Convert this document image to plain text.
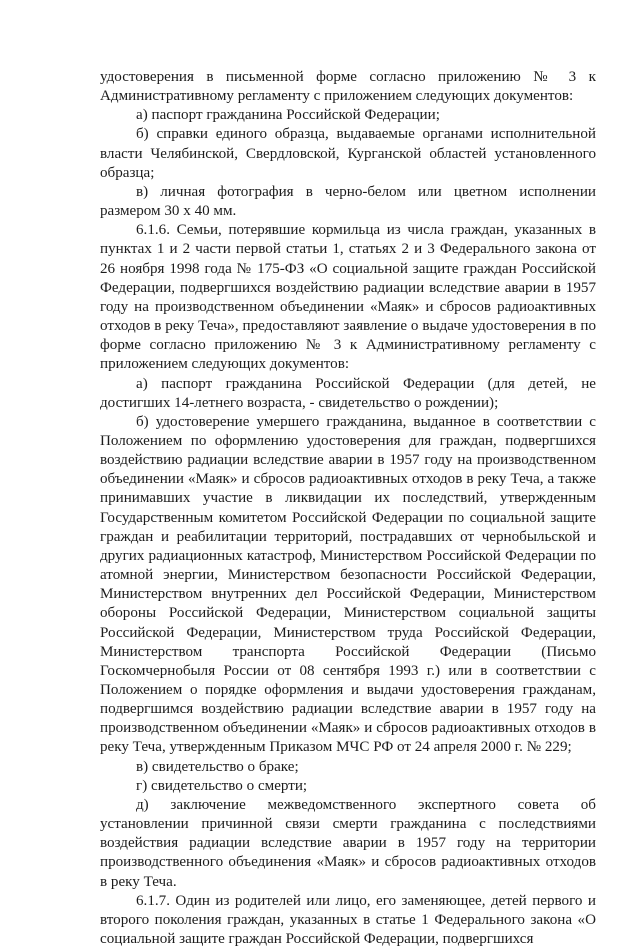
удостоверения в письменной форме согласно приложению № 3 к Административному регламенту с приложением следующих документов:

а) паспорт гражданина Российской Федерации;

б) справки единого образца, выдаваемые органами исполнительной власти Челябинской, Свердловской, Курганской областей установленного образца;

в) личная фотография в черно-белом или цветном исполнении размером 30 х 40 мм.

6.1.6. Семьи, потерявшие кормильца из числа граждан, указанных в пунктах 1 и 2 части первой статьи 1, статьях 2 и 3 Федерального закона от 26 ноября 1998 года № 175-ФЗ «О социальной защите граждан Российской Федерации, подвергшихся воздействию радиации вследствие аварии в 1957 году на производственном объединении «Маяк» и сбросов радиоактивных отходов в реку Теча», предоставляют заявление о выдаче удостоверения в по форме согласно приложению № 3 к Административному регламенту с приложением следующих документов:

а) паспорт гражданина Российской Федерации (для детей, не достигших 14-летнего возраста, - свидетельство о рождении);

б) удостоверение умершего гражданина, выданное в соответствии с Положением по оформлению удостоверения для граждан, подвергшихся воздействию радиации вследствие аварии в 1957 году на производственном объединении «Маяк» и сбросов радиоактивных отходов в реку Теча, а также принимавших участие в ликвидации их последствий, утвержденным Государственным комитетом Российской Федерации по социальной защите граждан и реабилитации территорий, пострадавших от чернобыльской и других радиационных катастроф, Министерством Российской Федерации по атомной энергии, Министерством безопасности Российской Федерации, Министерством внутренних дел Российской Федерации, Министерством обороны Российской Федерации, Министерством социальной защиты Российской Федерации, Министерством труда Российской Федерации, Министерством транспорта Российской Федерации (Письмо Госкомчернобыля России от 08 сентября 1993 г.) или в соответствии с Положением о порядке оформления и выдачи удостоверения гражданам, подвергшимся воздействию радиации вследствие аварии в 1957 году на производственном объединении «Маяк» и сбросов радиоактивных отходов в реку Теча, утвержденным Приказом МЧС РФ от 24 апреля 2000 г. № 229;

в) свидетельство о браке;

г) свидетельство о смерти;

д) заключение межведомственного экспертного совета об установлении причинной связи смерти гражданина с последствиями воздействия радиации вследствие аварии в 1957 году на территории производственного объединения «Маяк» и сбросов радиоактивных отходов в реку Теча.

6.1.7. Один из родителей или лицо, его заменяющее, детей первого и второго поколения граждан, указанных в статье 1 Федерального закона «О социальной защите граждан Российской Федерации, подвергшихся
